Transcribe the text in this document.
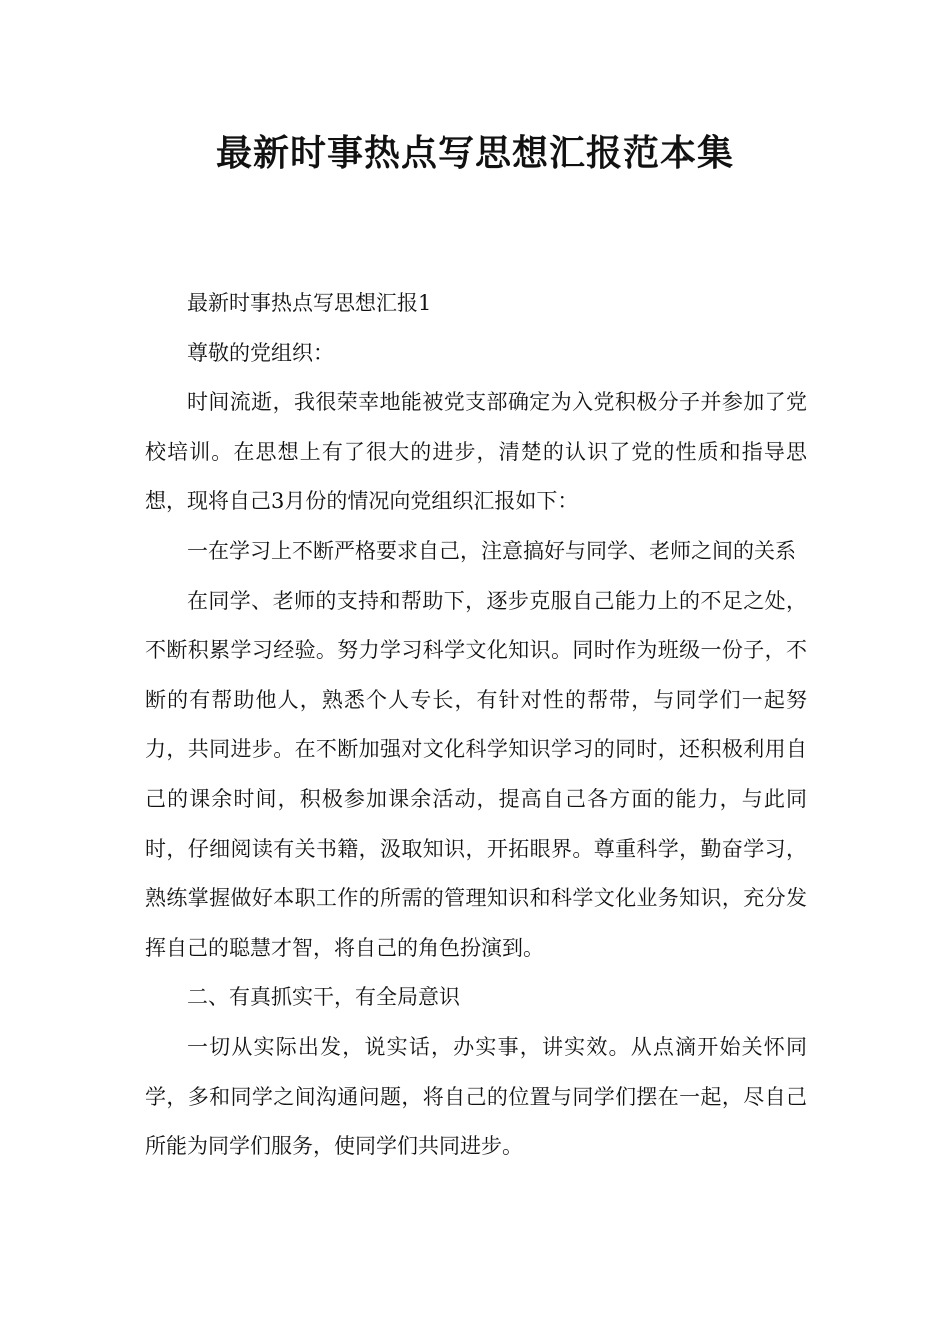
最新时事热点写思想汇报范本集

最新时事热点写思想汇报1

尊敬的党组织：

时间流逝，我很荣幸地能被党支部确定为入党积极分子并参加了党校培训。在思想上有了很大的进步，清楚的认识了党的性质和指导思想，现将自己3月份的情况向党组织汇报如下：

一在学习上不断严格要求自己，注意搞好与同学、老师之间的关系

在同学、老师的支持和帮助下，逐步克服自己能力上的不足之处，不断积累学习经验。努力学习科学文化知识。同时作为班级一份子，不断的有帮助他人，熟悉个人专长，有针对性的帮带，与同学们一起努力，共同进步。在不断加强对文化科学知识学习的同时，还积极利用自己的课余时间，积极参加课余活动，提高自己各方面的能力，与此同时，仔细阅读有关书籍，汲取知识，开拓眼界。尊重科学，勤奋学习，熟练掌握做好本职工作的所需的管理知识和科学文化业务知识，充分发挥自己的聪慧才智，将自己的角色扮演到。

二、有真抓实干，有全局意识

一切从实际出发，说实话，办实事，讲实效。从点滴开始关怀同学，多和同学之间沟通问题，将自己的位置与同学们摆在一起，尽自己所能为同学们服务，使同学们共同进步。
